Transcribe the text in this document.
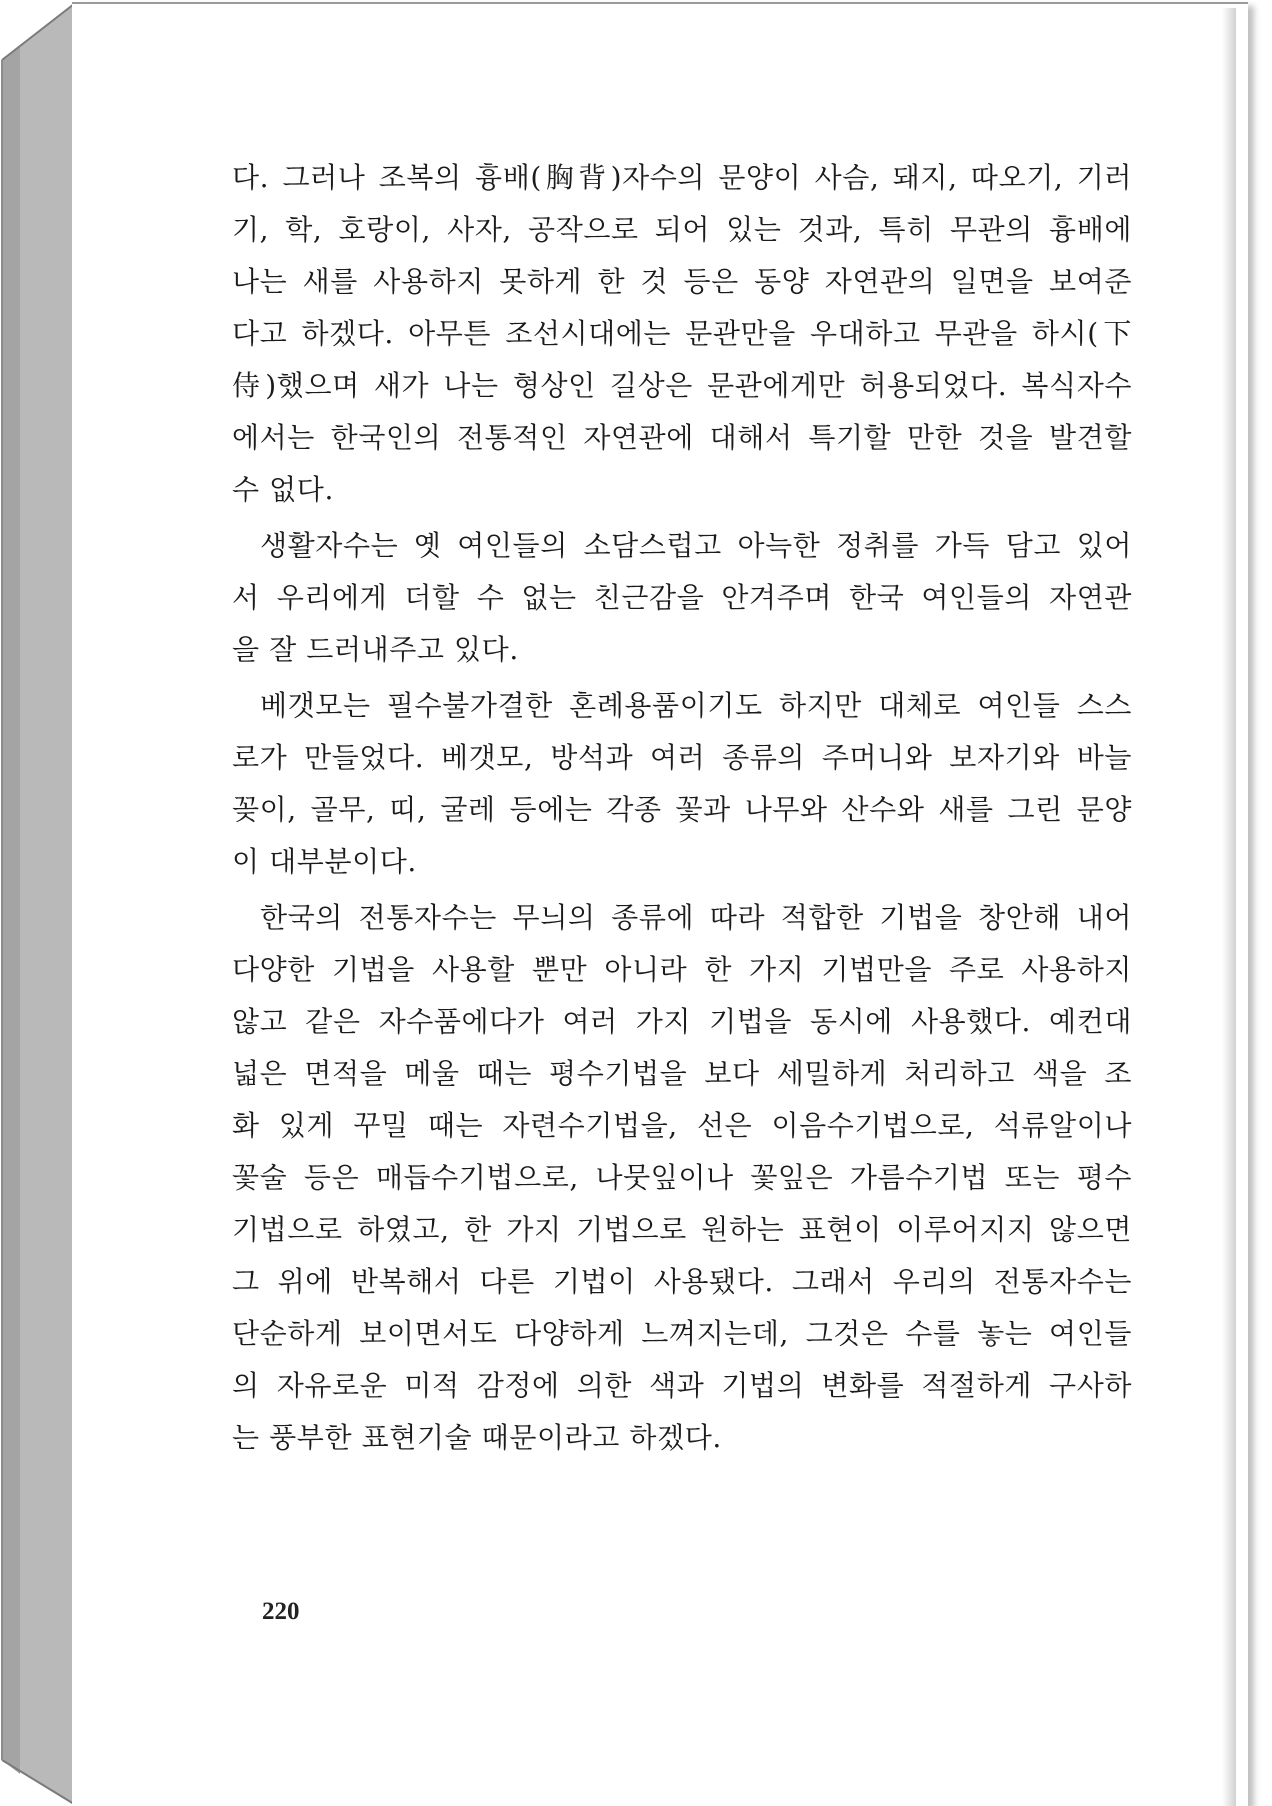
다. 그러나 조복의 흉배(胸背)자수의 문양이 사슴, 돼지, 따오기, 기러
기, 학, 호랑이, 사자, 공작으로 되어 있는 것과, 특히 무관의 흉배에
나는 새를 사용하지 못하게 한 것 등은 동양 자연관의 일면을 보여준
다고 하겠다. 아무튼 조선시대에는 문관만을 우대하고 무관을 하시(下
侍)했으며 새가 나는 형상인 길상은 문관에게만 허용되었다. 복식자수
에서는 한국인의 전통적인 자연관에 대해서 특기할 만한 것을 발견할
수 없다.
생활자수는 옛 여인들의 소담스럽고 아늑한 정취를 가득 담고 있어
서 우리에게 더할 수 없는 친근감을 안겨주며 한국 여인들의 자연관
을 잘 드러내주고 있다.
베갯모는 필수불가결한 혼례용품이기도 하지만 대체로 여인들 스스
로가 만들었다. 베갯모, 방석과 여러 종류의 주머니와 보자기와 바늘
꽂이, 골무, 띠, 굴레 등에는 각종 꽃과 나무와 산수와 새를 그린 문양
이 대부분이다.
한국의 전통자수는 무늬의 종류에 따라 적합한 기법을 창안해 내어
다양한 기법을 사용할 뿐만 아니라 한 가지 기법만을 주로 사용하지
않고 같은 자수품에다가 여러 가지 기법을 동시에 사용했다. 예컨대
넓은 면적을 메울 때는 평수기법을 보다 세밀하게 처리하고 색을 조
화 있게 꾸밀 때는 자련수기법을, 선은 이음수기법으로, 석류알이나
꽃술 등은 매듭수기법으로, 나뭇잎이나 꽃잎은 가름수기법 또는 평수
기법으로 하였고, 한 가지 기법으로 원하는 표현이 이루어지지 않으면
그 위에 반복해서 다른 기법이 사용됐다. 그래서 우리의 전통자수는
단순하게 보이면서도 다양하게 느껴지는데, 그것은 수를 놓는 여인들
의 자유로운 미적 감정에 의한 색과 기법의 변화를 적절하게 구사하
는 풍부한 표현기술 때문이라고 하겠다.
220
